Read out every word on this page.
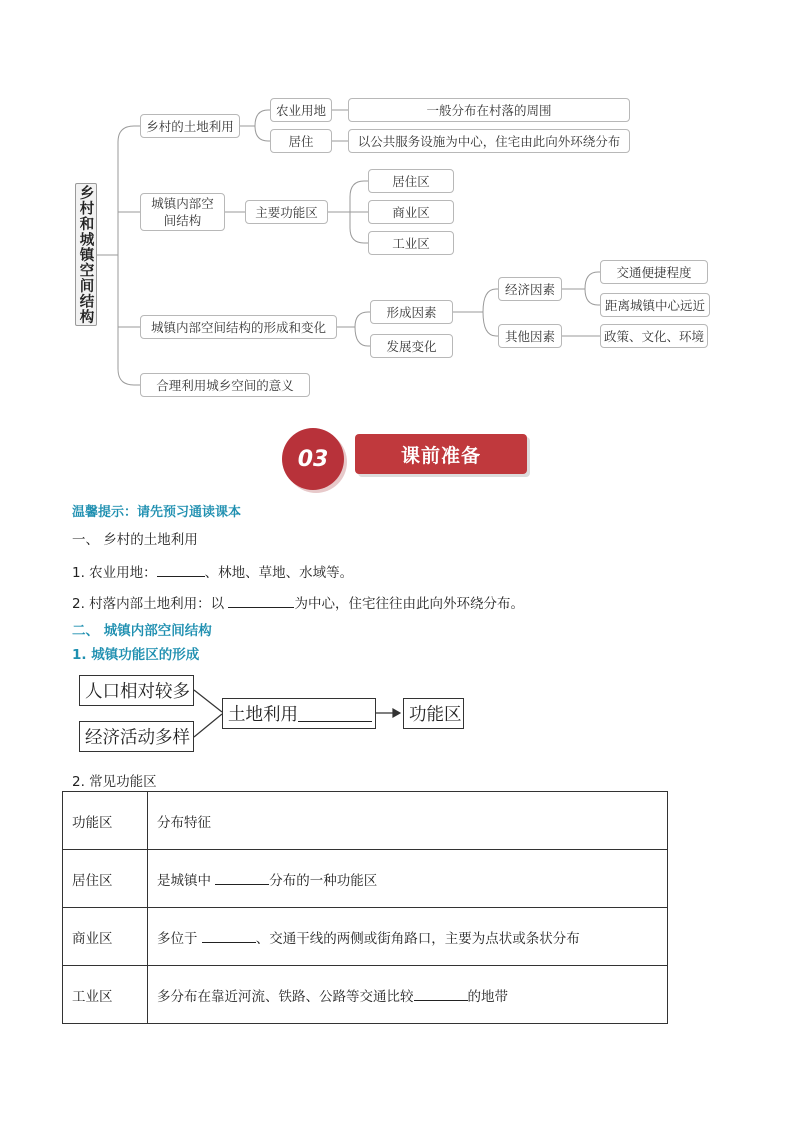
乡村和城镇空间结构
乡村的土地利用
农业用地	一般分布在村落的周围
居住	以公共服务设施为中心，住宅由此向外环绕分布
城镇内部空间结构
主要功能区
居住区
商业区
工业区
城镇内部空间结构的形成和变化
形成因素
发展变化
经济因素
其他因素
交通便捷程度
距离城镇中心远近
政策、文化、环境
合理利用城乡空间的意义
03	课前准备
温馨提示：请先预习通读课本
一、 乡村的土地利用
1. 农业用地：	、林地、草地、水域等。
2. 村落内部土地利用：以	为中心，住宅往往由此向外环绕分布。
二、 城镇内部空间结构
1. 城镇功能区的形成
人口相对较多
经济活动多样
土地利用	功能区
2. 常见功能区
功能区	分布特征
居住区	是城镇中 分布的一种功能区
商业区	多位于 、交通干线的两侧或街角路口，主要为点状或条状分布
工业区	多分布在靠近河流、铁路、公路等交通比较 的地带
